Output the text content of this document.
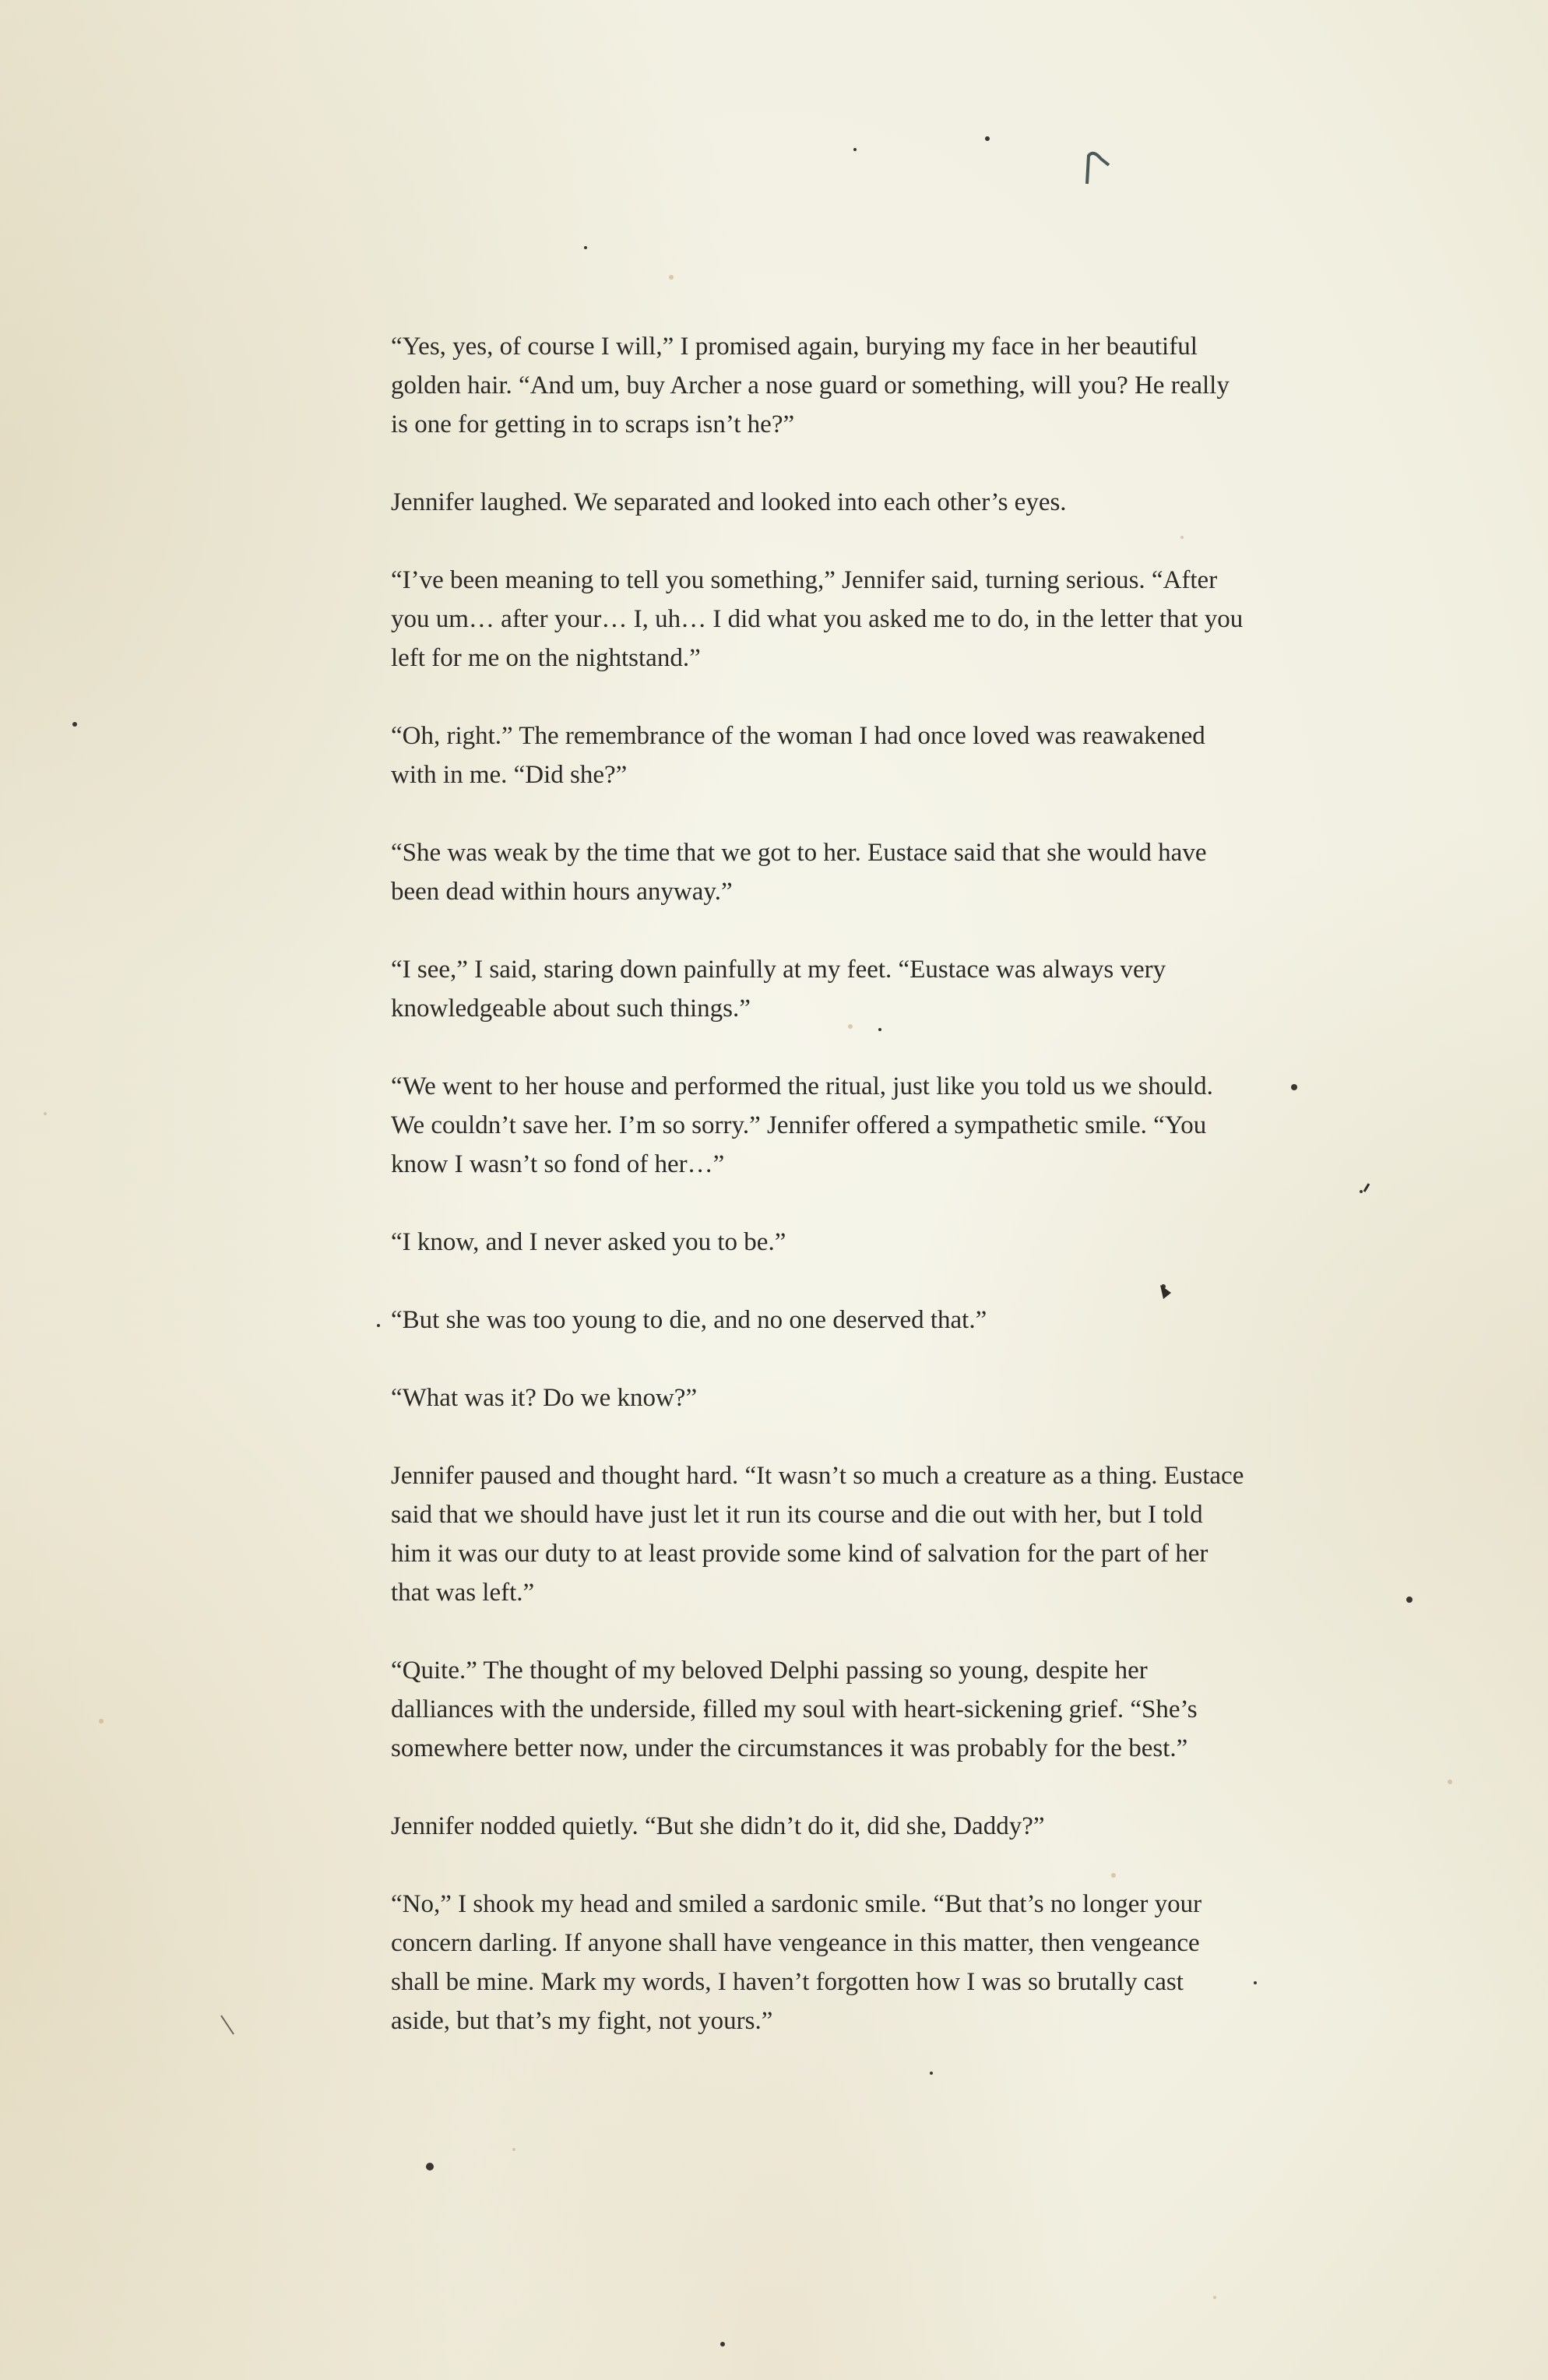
“Yes, yes, of course I will,” I promised again, burying my face in her beautiful golden hair. “And um, buy Archer a nose guard or something, will you? He really is one for getting in to scraps isn’t he?”

Jennifer laughed. We separated and looked into each other’s eyes.

“I’ve been meaning to tell you something,” Jennifer said, turning serious. “After you um… after your… I, uh… I did what you asked me to do, in the letter that you left for me on the nightstand.”

“Oh, right.” The remembrance of the woman I had once loved was reawakened with in me. “Did she?”

“She was weak by the time that we got to her. Eustace said that she would have been dead within hours anyway.”

“I see,” I said, staring down painfully at my feet. “Eustace was always very knowledgeable about such things.”

“We went to her house and performed the ritual, just like you told us we should. We couldn’t save her. I’m so sorry.” Jennifer offered a sympathetic smile. “You know I wasn’t so fond of her…”

“I know, and I never asked you to be.”

“But she was too young to die, and no one deserved that.”

“What was it? Do we know?”

Jennifer paused and thought hard. “It wasn’t so much a creature as a thing. Eustace said that we should have just let it run its course and die out with her, but I told him it was our duty to at least provide some kind of salvation for the part of her that was left.”

“Quite.” The thought of my beloved Delphi passing so young, despite her dalliances with the underside, filled my soul with heart-sickening grief. “She’s somewhere better now, under the circumstances it was probably for the best.”

Jennifer nodded quietly. “But she didn’t do it, did she, Daddy?”

“No,” I shook my head and smiled a sardonic smile. “But that’s no longer your concern darling. If anyone shall have vengeance in this matter, then vengeance shall be mine. Mark my words, I haven’t forgotten how I was so brutally cast aside, but that’s my fight, not yours.”
